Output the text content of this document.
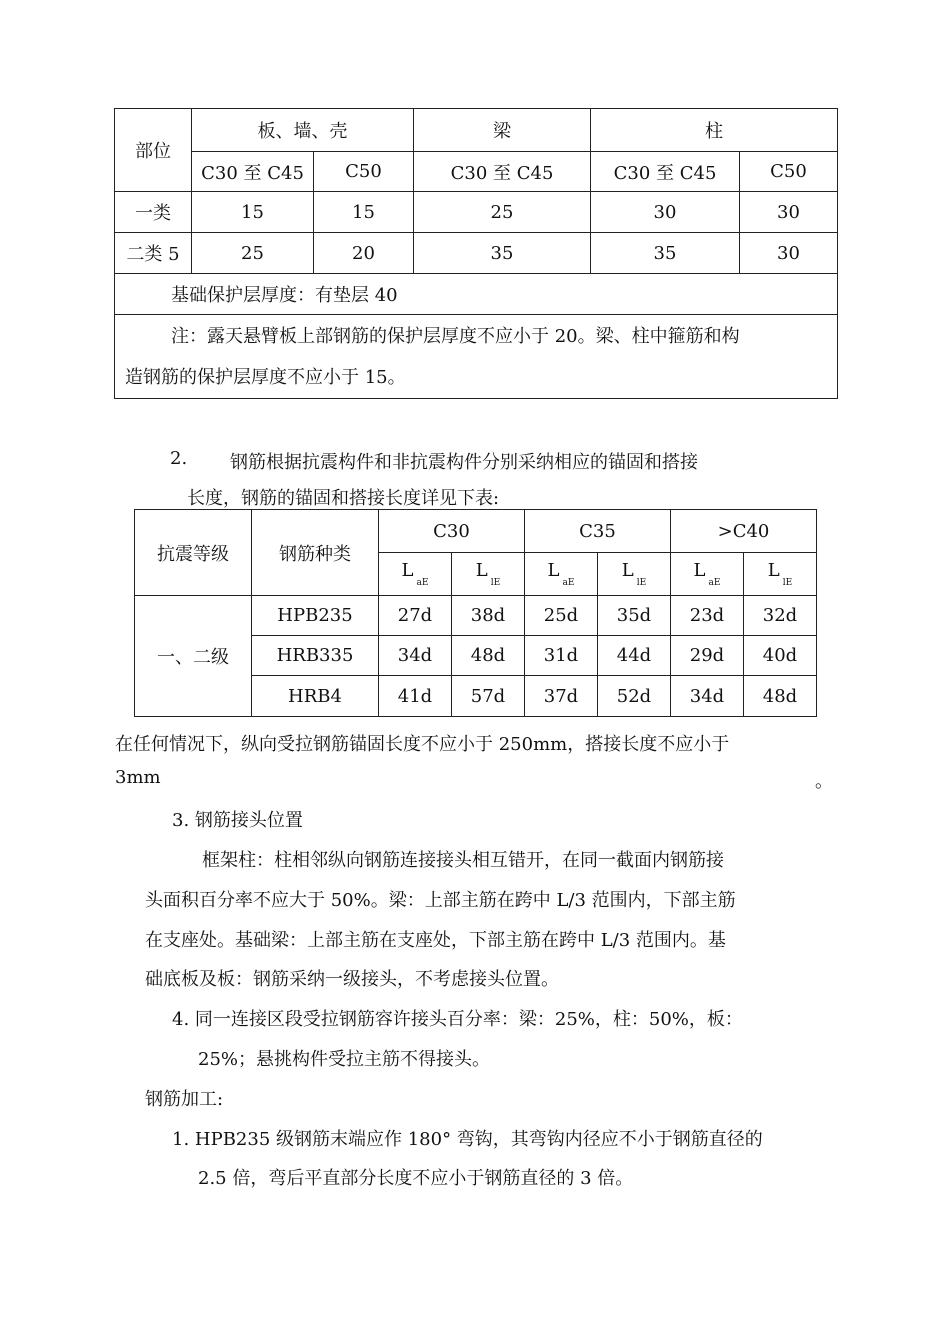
部位	板、墙、壳		梁	柱	
	C30 至 C45	C50	C30 至 C45	C30 至 C45	C50
一类	15	15	25	30	30
二类 5	25	20	35	35	30
基础保护层厚度：有垫层 40					

注：露天悬臂板上部钢筋的保护层厚度不应小于 20。梁、柱中箍筋和构
造钢筋的保护层厚度不应小于 15。					
2. 钢筋根据抗震构件和非抗震构件分别采纳相应的锚固和搭接
长度，钢筋的锚固和搭接长度详见下表:
抗震等级	钢筋种类	C30		C35		>C40	
		$L_{aE}$	$L_{lE}$	$L_{aE}$	$L_{lE}$	$L_{aE}$	$L_{lE}$
一、二级	HPB235	27d	38d	25d	35d	23d	32d
	HRB335	34d	48d	31d	44d	29d	40d
	HRB4	41d	57d	37d	52d	34d	48d
在任何情况下，纵向受拉钢筋锚固长度不应小于 250mm，搭接长度不应小于
3mm	。
3. 钢筋接头位置
框架柱：柱相邻纵向钢筋连接接头相互错开，在同一截面内钢筋接
头面积百分率不应大于 50%。梁：上部主筋在跨中 L/3 范围内，下部主筋
在支座处。基础梁：上部主筋在支座处，下部主筋在跨中 L/3 范围内。基
础底板及板：钢筋采纳一级接头，不考虑接头位置。
4. 同一连接区段受拉钢筋容许接头百分率：梁：25%，柱：50%，板：
25%；悬挑构件受拉主筋不得接头。
钢筋加工:
1. HPB235 级钢筋末端应作 180° 弯钩，其弯钩内径应不小于钢筋直径的
2.5 倍，弯后平直部分长度不应小于钢筋直径的 3 倍。
